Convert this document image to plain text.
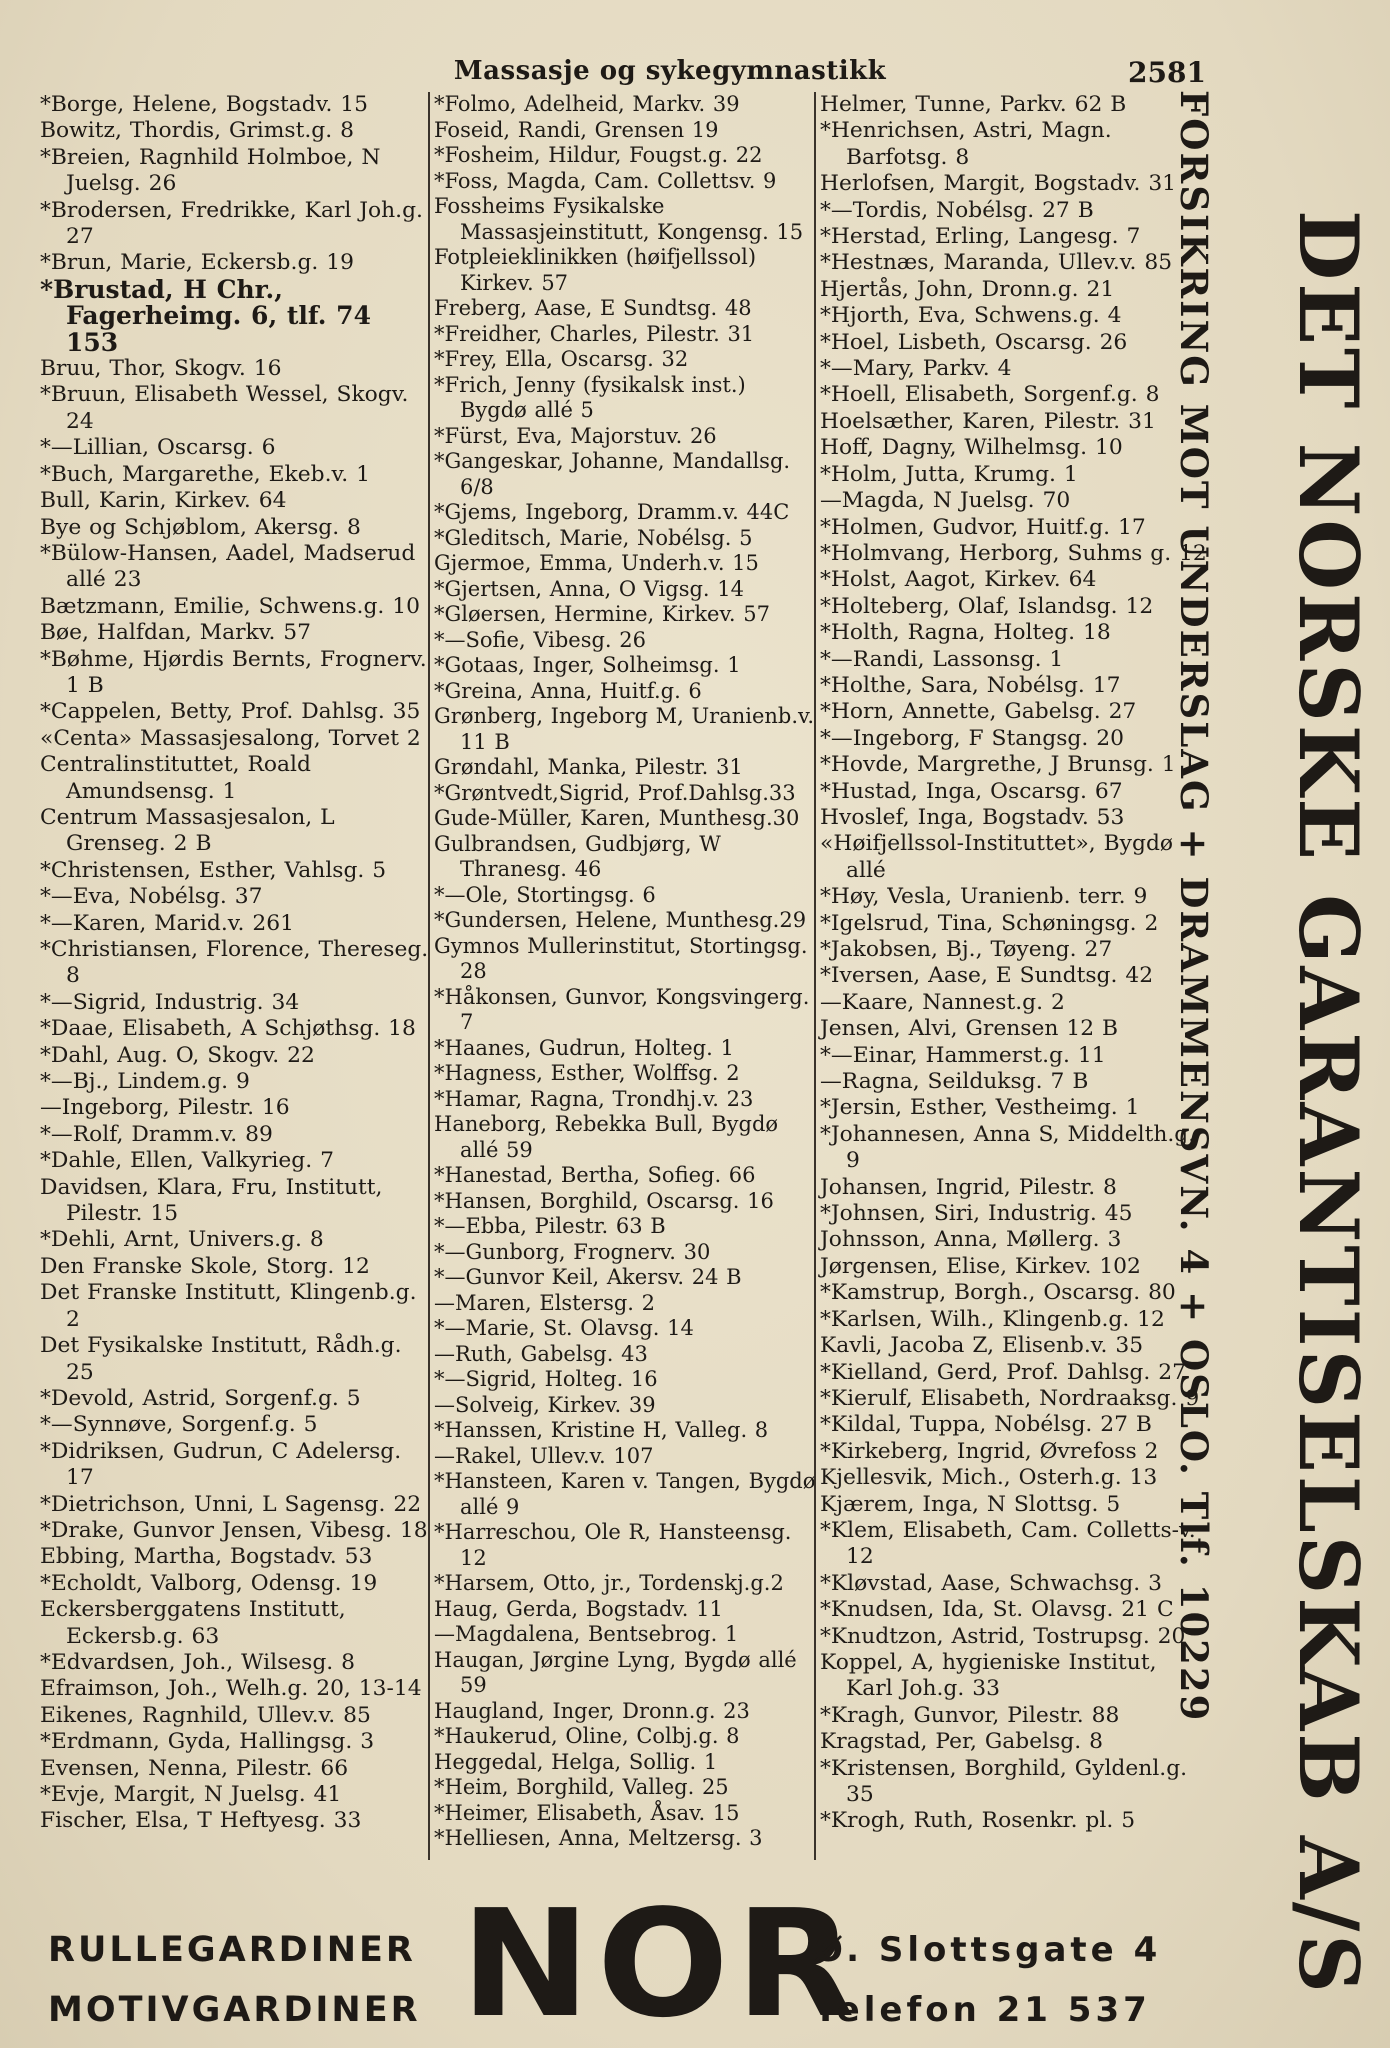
Massasje og sykegymnastikk	2581
*Borge, Helene, Bogstadv. 15
Bowitz, Thordis, Grimst.g. 8
*Breien, Ragnhild Holmboe, N Juelsg. 26
*Brodersen, Fredrikke, Karl Joh.g. 27
*Brun, Marie, Eckersb.g. 19
*Brustad, H Chr., Fagerheimg. 6, tlf. 74 153
Bruu, Thor, Skogv. 16
*Bruun, Elisabeth Wessel, Skogv. 24
*—Lillian, Oscarsg. 6
*Buch, Margarethe, Ekeb.v. 1
Bull, Karin, Kirkev. 64
Bye og Schjøblom, Akersg. 8
*Bülow-Hansen, Aadel, Madserud allé 23
Bætzmann, Emilie, Schwens.g. 10
Bøe, Halfdan, Markv. 57
*Bøhme, Hjørdis Bernts, Frognerv. 1 B
*Cappelen, Betty, Prof. Dahlsg. 35
«Centa» Massasjesalong, Torvet 2
Centralinstituttet, Roald Amundsensg. 1
Centrum Massasjesalon, L Grenseg. 2 B
*Christensen, Esther, Vahlsg. 5
*—Eva, Nobélsg. 37
*—Karen, Marid.v. 261
*Christiansen, Florence, Thereseg. 8
*—Sigrid, Industrig. 34
*Daae, Elisabeth, A Schjøthsg. 18
*Dahl, Aug. O, Skogv. 22
*—Bj., Lindem.g. 9
—Ingeborg, Pilestr. 16
*—Rolf, Dramm.v. 89
*Dahle, Ellen, Valkyrieg. 7
Davidsen, Klara, Fru, Institutt, Pilestr. 15
*Dehli, Arnt, Univers.g. 8
Den Franske Skole, Storg. 12
Det Franske Institutt, Klingenb.g. 2
Det Fysikalske Institutt, Rådh.g. 25
*Devold, Astrid, Sorgenf.g. 5
*—Synnøve, Sorgenf.g. 5
*Didriksen, Gudrun, C Adelersg. 17
*Dietrichson, Unni, L Sagensg. 22
*Drake, Gunvor Jensen, Vibesg. 18
Ebbing, Martha, Bogstadv. 53
*Echoldt, Valborg, Odensg. 19
Eckersberggatens Institutt, Eckersb.g. 63
*Edvardsen, Joh., Wilsesg. 8
Efraimson, Joh., Welh.g. 20, 13-14
Eikenes, Ragnhild, Ullev.v. 85
*Erdmann, Gyda, Hallingsg. 3
Evensen, Nenna, Pilestr. 66
*Evje, Margit, N Juelsg. 41
Fischer, Elsa, T Heftyesg. 33
*Folmo, Adelheid, Markv. 39
Foseid, Randi, Grensen 19
*Fosheim, Hildur, Fougst.g. 22
*Foss, Magda, Cam. Collettsv. 9
Fossheims Fysikalske Massasjeinstitutt, Kongensg. 15
Fotpleieklinikken (høifjellssol) Kirkev. 57
Freberg, Aase, E Sundtsg. 48
*Freidher, Charles, Pilestr. 31
*Frey, Ella, Oscarsg. 32
*Frich, Jenny (fysikalsk inst.) Bygdø allé 5
*Fürst, Eva, Majorstuv. 26
*Gangeskar, Johanne, Mandallsg. 6/8
*Gjems, Ingeborg, Dramm.v. 44C
*Gleditsch, Marie, Nobélsg. 5
Gjermoe, Emma, Underh.v. 15
*Gjertsen, Anna, O Vigsg. 14
*Gløersen, Hermine, Kirkev. 57
*—Sofie, Vibesg. 26
*Gotaas, Inger, Solheimsg. 1
*Greina, Anna, Huitf.g. 6
Grønberg, Ingeborg M, Uranienb.v. 11 B
Grøndahl, Manka, Pilestr. 31
*Grøntvedt,Sigrid, Prof.Dahlsg.33
Gude-Müller, Karen, Munthesg.30
Gulbrandsen, Gudbjørg, W Thranesg. 46
*—Ole, Stortingsg. 6
*Gundersen, Helene, Munthesg.29
Gymnos Mullerinstitut, Stortingsg. 28
*Håkonsen, Gunvor, Kongsvingerg. 7
*Haanes, Gudrun, Holteg. 1
*Hagness, Esther, Wolffsg. 2
*Hamar, Ragna, Trondhj.v. 23
Haneborg, Rebekka Bull, Bygdø allé 59
*Hanestad, Bertha, Sofieg. 66
*Hansen, Borghild, Oscarsg. 16
*—Ebba, Pilestr. 63 B
*—Gunborg, Frognerv. 30
*—Gunvor Keil, Akersv. 24 B
—Maren, Elstersg. 2
*—Marie, St. Olavsg. 14
—Ruth, Gabelsg. 43
*—Sigrid, Holteg. 16
—Solveig, Kirkev. 39
*Hanssen, Kristine H, Valleg. 8
—Rakel, Ullev.v. 107
*Hansteen, Karen v. Tangen, Bygdø allé 9
*Harreschou, Ole R, Hansteensg. 12
*Harsem, Otto, jr., Tordenskj.g.2
Haug, Gerda, Bogstadv. 11
—Magdalena, Bentsebrog. 1
Haugan, Jørgine Lyng, Bygdø allé 59
Haugland, Inger, Dronn.g. 23
*Haukerud, Oline, Colbj.g. 8
Heggedal, Helga, Sollig. 1
*Heim, Borghild, Valleg. 25
*Heimer, Elisabeth, Åsav. 15
*Helliesen, Anna, Meltzersg. 3
Helmer, Tunne, Parkv. 62 B
*Henrichsen, Astri, Magn. Barfotsg. 8
Herlofsen, Margit, Bogstadv. 31
*—Tordis, Nobélsg. 27 B
*Herstad, Erling, Langesg. 7
*Hestnæs, Maranda, Ullev.v. 85
Hjertås, John, Dronn.g. 21
*Hjorth, Eva, Schwens.g. 4
*Hoel, Lisbeth, Oscarsg. 26
*—Mary, Parkv. 4
*Hoell, Elisabeth, Sorgenf.g. 8
Hoelsæther, Karen, Pilestr. 31
Hoff, Dagny, Wilhelmsg. 10
*Holm, Jutta, Krumg. 1
—Magda, N Juelsg. 70
*Holmen, Gudvor, Huitf.g. 17
*Holmvang, Herborg, Suhms g. 12
*Holst, Aagot, Kirkev. 64
*Holteberg, Olaf, Islandsg. 12
*Holth, Ragna, Holteg. 18
*—Randi, Lassonsg. 1
*Holthe, Sara, Nobélsg. 17
*Horn, Annette, Gabelsg. 27
*—Ingeborg, F Stangsg. 20
*Hovde, Margrethe, J Brunsg. 1
*Hustad, Inga, Oscarsg. 67
Hvoslef, Inga, Bogstadv. 53
«Høifjellssol-Instituttet», Bygdø allé
*Høy, Vesla, Uranienb. terr. 9
*Igelsrud, Tina, Schøningsg. 2
*Jakobsen, Bj., Tøyeng. 27
*Iversen, Aase, E Sundtsg. 42
—Kaare, Nannest.g. 2
Jensen, Alvi, Grensen 12 B
*—Einar, Hammerst.g. 11
—Ragna, Seilduksg. 7 B
*Jersin, Esther, Vestheimg. 1
*Johannesen, Anna S, Middelth.g. 9
Johansen, Ingrid, Pilestr. 8
*Johnsen, Siri, Industrig. 45
Johnsson, Anna, Møllerg. 3
Jørgensen, Elise, Kirkev. 102
*Kamstrup, Borgh., Oscarsg. 80
*Karlsen, Wilh., Klingenb.g. 12
Kavli, Jacoba Z, Elisenb.v. 35
*Kielland, Gerd, Prof. Dahlsg. 27
*Kierulf, Elisabeth, Nordraaksg. 9
*Kildal, Tuppa, Nobélsg. 27 B
*Kirkeberg, Ingrid, Øvrefoss 2
Kjellesvik, Mich., Osterh.g. 13
Kjærem, Inga, N Slottsg. 5
*Klem, Elisabeth, Cam. Colletts-v. 12
*Kløvstad, Aase, Schwachsg. 3
*Knudsen, Ida, St. Olavsg. 21 C
*Knudtzon, Astrid, Tostrupsg. 20
Koppel, A, hygieniske Institut, Karl Joh.g. 33
*Kragh, Gunvor, Pilestr. 88
Kragstad, Per, Gabelsg. 8
*Kristensen, Borghild, Gyldenl.g. 35
*Krogh, Ruth, Rosenkr. pl. 5
FORSIKRING MOT UNDERSLAG + DRAMMENSVN. 4 + OSLO. Tlf. 10229 DET NORSKE GARANTISELSKAB A/S
RULLEGARDINER
MOTIVGARDINER NOR
Ø. Slottsgate 4
Telefon 21 537
